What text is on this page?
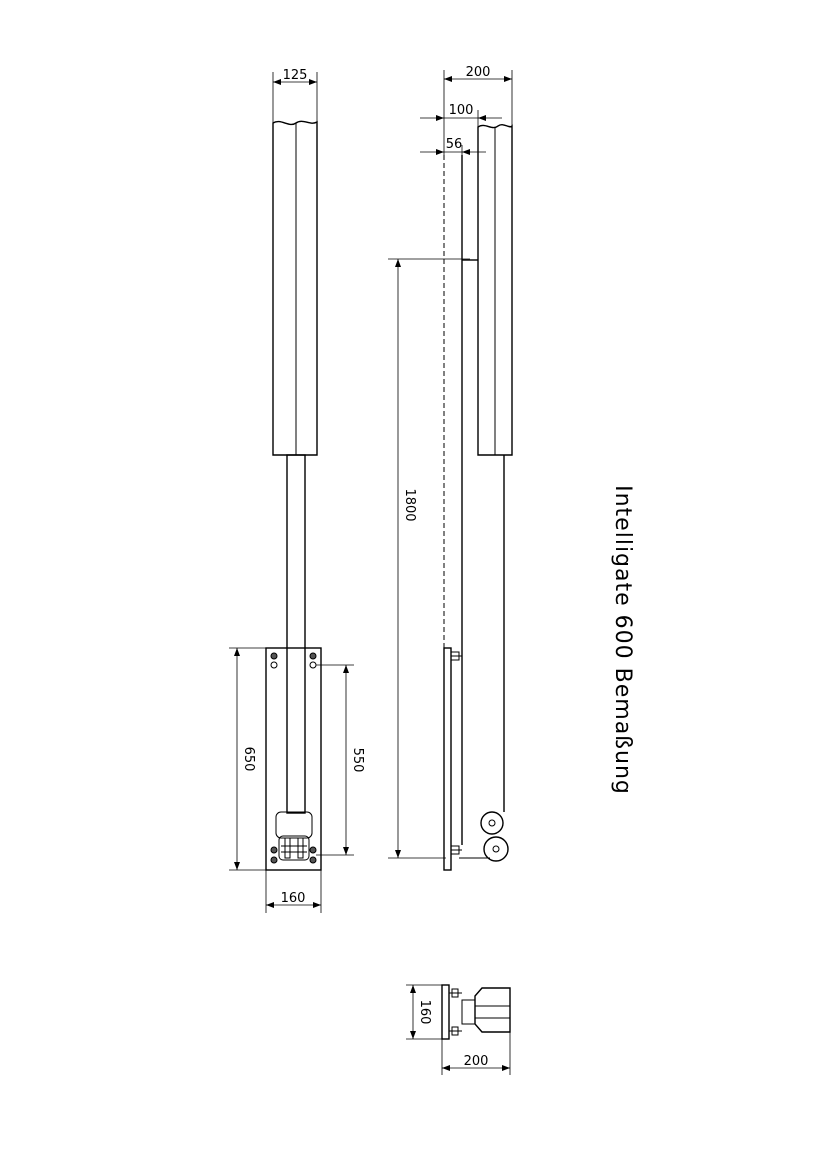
125
650	550
160
200
100
56
1800
160
200
Intelligate 600 Bemaßung
